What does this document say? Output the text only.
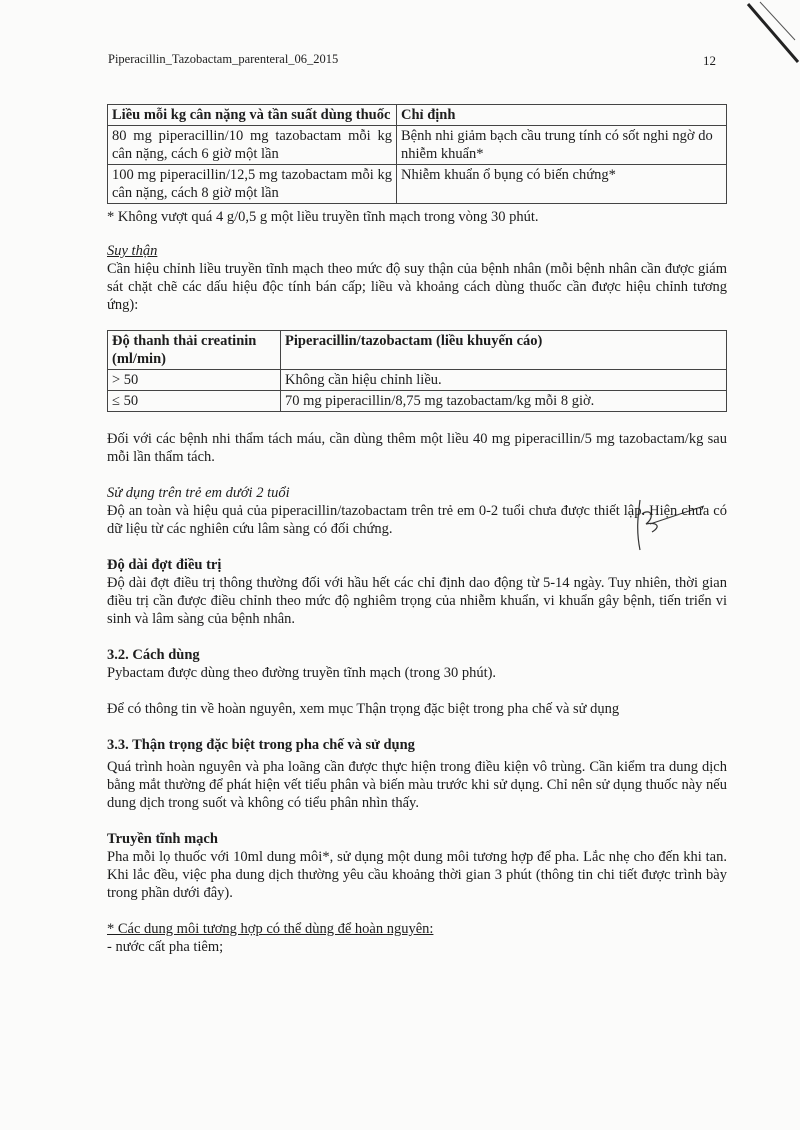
Piperacillin_Tazobactam_parenteral_06_2015	12
Liều mỗi kg cân nặng và tần suất dùng thuốc	Chỉ định
80 mg piperacillin/10 mg tazobactam mỗi kg cân nặng, cách 6 giờ một lần	Bệnh nhi giảm bạch cầu trung tính có sốt nghi ngờ do nhiễm khuẩn*
100 mg piperacillin/12,5 mg tazobactam mỗi kg cân nặng, cách 8 giờ một lần	Nhiễm khuẩn ổ bụng có biến chứng*

* Không vượt quá 4 g/0,5 g một liều truyền tĩnh mạch trong vòng 30 phút.

Suy thận

Cần hiệu chỉnh liều truyền tĩnh mạch theo mức độ suy thận của bệnh nhân (mỗi bệnh nhân cần được giám sát chặt chẽ các dấu hiệu độc tính bán cấp; liều và khoảng cách dùng thuốc cần được hiệu chỉnh tương ứng):

Độ thanh thải creatinin (ml/min)	Piperacillin/tazobactam (liều khuyến cáo)
> 50	Không cần hiệu chỉnh liều.
≤ 50	70 mg piperacillin/8,75 mg tazobactam/kg mỗi 8 giờ.

Đối với các bệnh nhi thẩm tách máu, cần dùng thêm một liều 40 mg piperacillin/5 mg tazobactam/kg sau mỗi lần thẩm tách.

Sử dụng trên trẻ em dưới 2 tuổi

Độ an toàn và hiệu quả của piperacillin/tazobactam trên trẻ em 0-2 tuổi chưa được thiết lập. Hiện chưa có dữ liệu từ các nghiên cứu lâm sàng có đối chứng.

Độ dài đợt điều trị

Độ dài đợt điều trị thông thường đối với hầu hết các chỉ định dao động từ 5-14 ngày. Tuy nhiên, thời gian điều trị cần được điều chỉnh theo mức độ nghiêm trọng của nhiễm khuẩn, vi khuẩn gây bệnh, tiến triển vi sinh và lâm sàng của bệnh nhân.

3.2. Cách dùng

Pybactam được dùng theo đường truyền tĩnh mạch (trong 30 phút).

Để có thông tin về hoàn nguyên, xem mục Thận trọng đặc biệt trong pha chế và sử dụng

3.3. Thận trọng đặc biệt trong pha chế và sử dụng

Quá trình hoàn nguyên và pha loãng cần được thực hiện trong điều kiện vô trùng. Cần kiểm tra dung dịch bằng mắt thường để phát hiện vết tiểu phân và biến màu trước khi sử dụng. Chỉ nên sử dụng thuốc này nếu dung dịch trong suốt và không có tiểu phân nhìn thấy.

Truyền tĩnh mạch

Pha mỗi lọ thuốc với 10ml dung môi*, sử dụng một dung môi tương hợp để pha. Lắc nhẹ cho đến khi tan. Khi lắc đều, việc pha dung dịch thường yêu cầu khoảng thời gian 3 phút (thông tin chi tiết được trình bày trong phần dưới đây).

* Các dung môi tương hợp có thể dùng để hoàn nguyên:

- nước cất pha tiêm;
